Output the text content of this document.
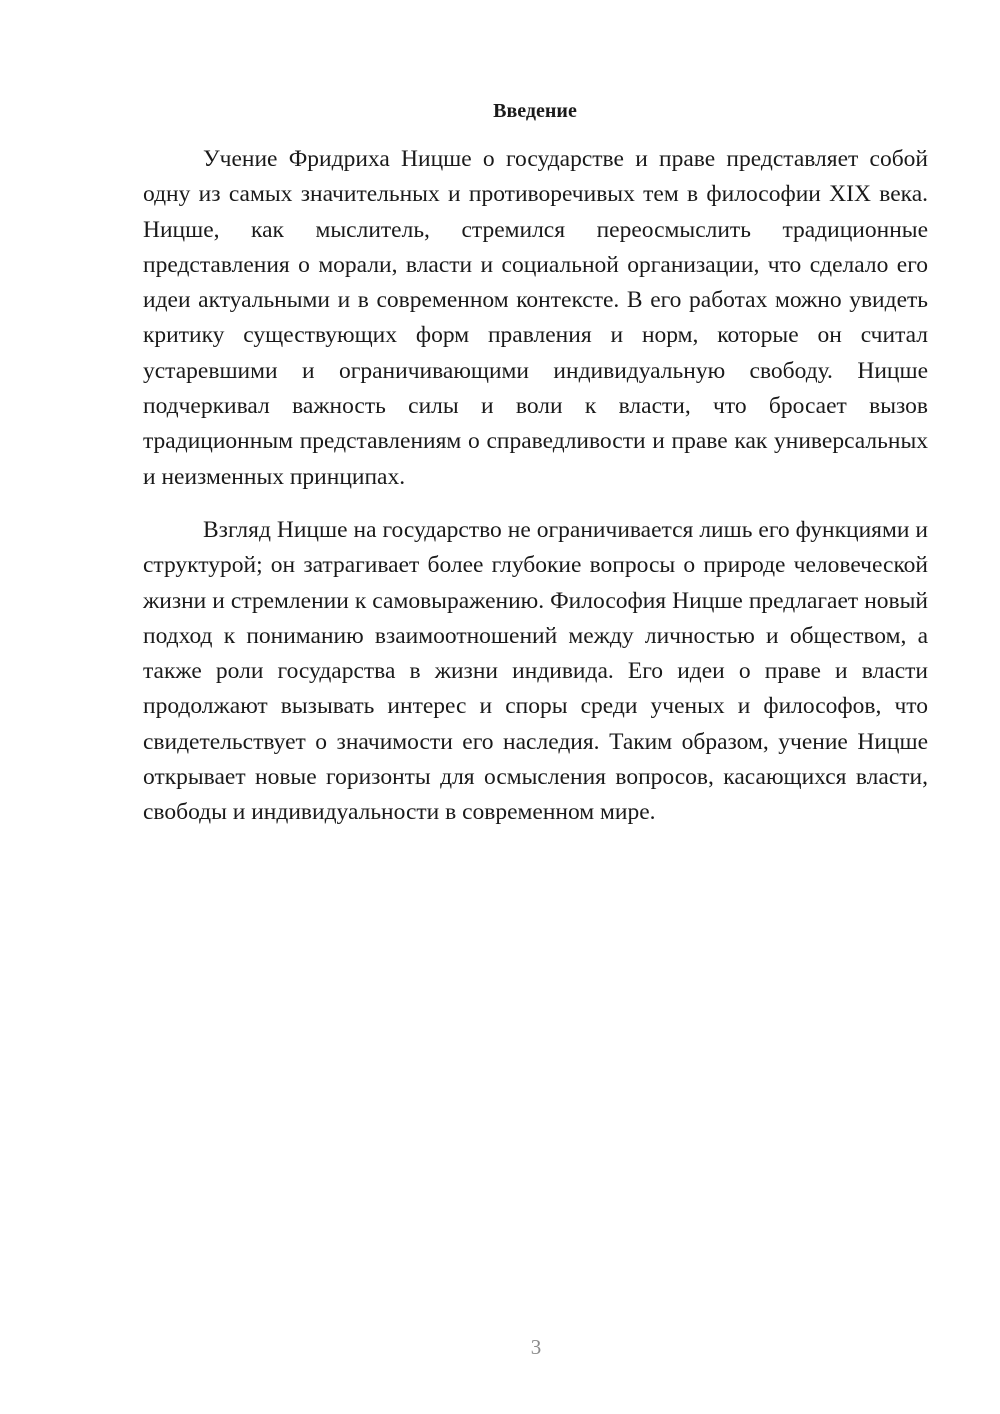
Введение

Учение Фридриха Ницше о государстве и праве представляет собой одну из самых значительных и противоречивых тем в философии XIX века. Ницше, как мыслитель, стремился переосмыслить традиционные представления о морали, власти и социальной организации, что сделало его идеи актуальными и в современном контексте. В его работах можно увидеть критику существующих форм правления и норм, которые он считал устаревшими и ограничивающими индивидуальную свободу. Ницше подчеркивал важность силы и воли к власти, что бросает вызов традиционным представлениям о справедливости и праве как универсальных и неизменных принципах.

Взгляд Ницше на государство не ограничивается лишь его функциями и структурой; он затрагивает более глубокие вопросы о природе человеческой жизни и стремлении к самовыражению. Философия Ницше предлагает новый подход к пониманию взаимоотношений между личностью и обществом, а также роли государства в жизни индивида. Его идеи о праве и власти продолжают вызывать интерес и споры среди ученых и философов, что свидетельствует о значимости его наследия. Таким образом, учение Ницше открывает новые горизонты для осмысления вопросов, касающихся власти, свободы и индивидуальности в современном мире.

3
